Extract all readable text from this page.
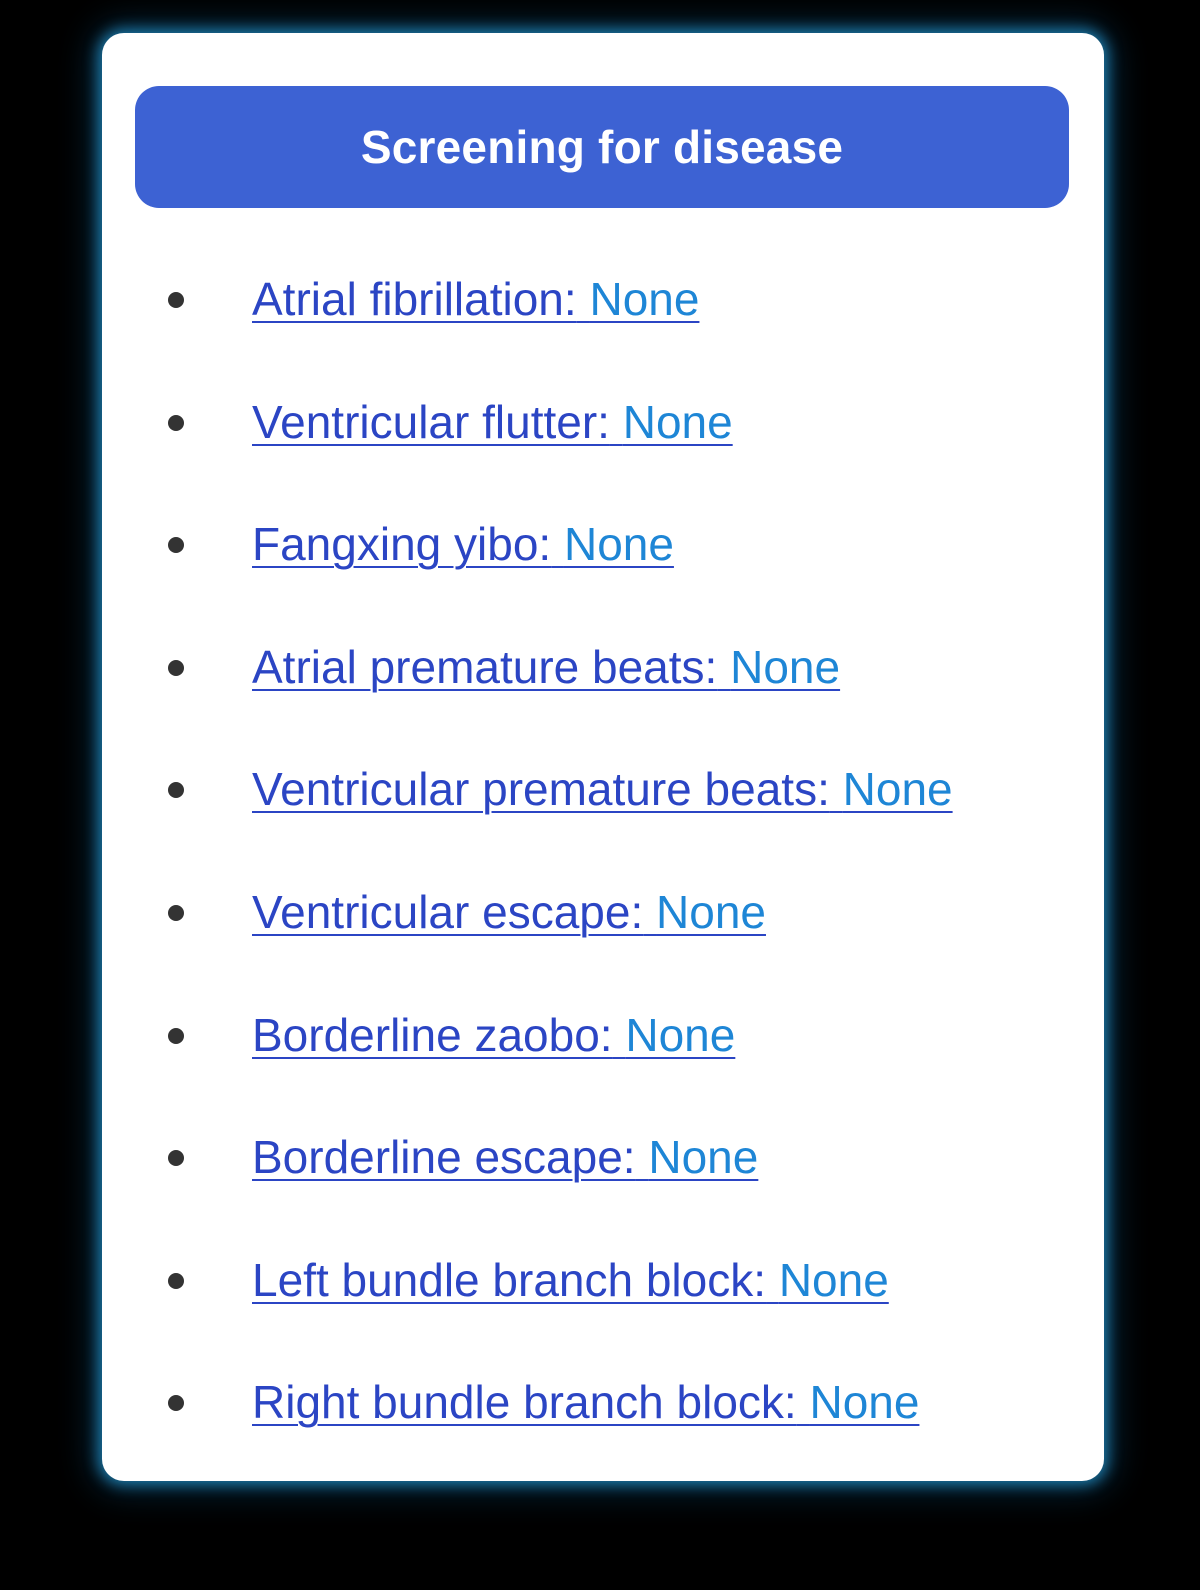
Screening for disease
Atrial fibrillation: None
Ventricular flutter: None
Fangxing yibo: None
Atrial premature beats: None
Ventricular premature beats: None
Ventricular escape: None
Borderline zaobo: None
Borderline escape: None
Left bundle branch block: None
Right bundle branch block: None
